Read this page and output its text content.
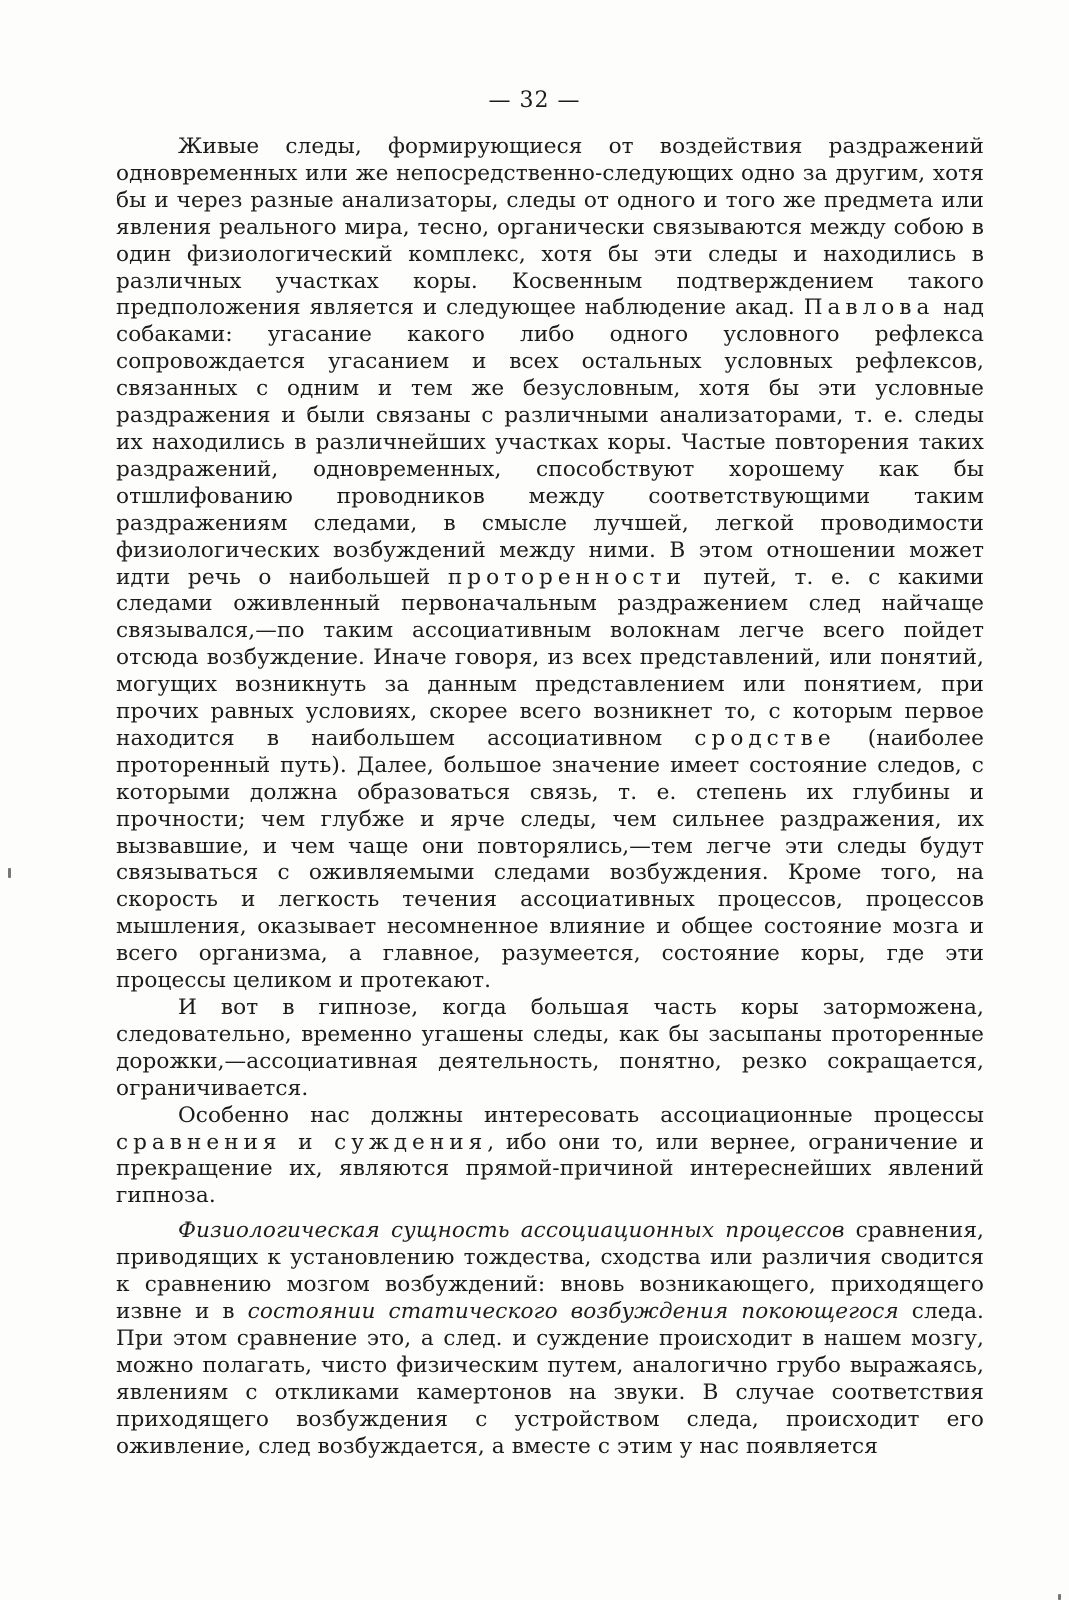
— 32 —

Живые следы, формирующиеся от воздействия раздражений одновременных или же непосредственно-следующих одно за другим, хотя бы и через разные анализаторы, следы от одного и того же предмета или явления реального мира, тесно, органически связываются между собою в один физиологический комплекс, хотя бы эти следы и находились в различных участках коры. Косвенным подтверждением такого предположения является и следующее наблюдение акад. Павлова над собаками: угасание какого либо одного условного рефлекса сопровождается угасанием и всех остальных условных рефлексов, связанных с одним и тем же безусловным, хотя бы эти условные раздражения и были связаны с различными анализаторами, т. е. следы их находились в различнейших участках коры. Частые повторения таких раздражений, одновременных, способствуют хорошему как бы отшлифованию проводников между соответствующими таким раздражениям следами, в смысле лучшей, легкой проводимости физиологических возбуждений между ними. В этом отношении может идти речь о наибольшей протоpенности путей, т. е. с какими следами оживленный первоначальным раздражением след найчаще связывался,—по таким ассоциативным волокнам легче всего пойдет отсюда возбуждение. Иначе говоря, из всех представлений, или понятий, могущих возникнуть за данным представлением или понятием, при прочих равных условиях, скорее всего возникнет то, с которым первое находится в наибольшем ассоциативном сродстве (наиболее проторенный путь). Далее, большое значение имеет состояние следов, с которыми должна образоваться связь, т. е. степень их глубины и прочности; чем глубже и ярче следы, чем сильнее раздражения, их вызвавшие, и чем чаще они повторялись,—тем легче эти следы будут связываться с оживляемыми следами возбуждения. Кроме того, на скорость и легкость течения ассоциативных процессов, процессов мышления, оказывает несомненное влияние и общее состояние мозга и всего организма, а главное, разумеется, состояние коры, где эти процессы целиком и протекают.

И вот в гипнозе, когда большая часть коры заторможена, следовательно, временно угашены следы, как бы засыпаны проторенные дорожки,—ассоциативная деятельность, понятно, резко сокращается, ограничивается.

Особенно нас должны интересовать ассоциационные процессы сравнения и суждения, ибо они то, или вернее, ограничение и прекращение их, являются прямой-причиной интереснейших явлений гипноза.

Физиологическая сущность ассоциационных процессов сравнения, приводящих к установлению тождества, сходства или различия сводится к сравнению мозгом возбуждений: вновь возникающего, приходящего извне и в состоянии статического возбуждения покоющегося следа. При этом сравнение это, а след. и суждение происходит в нашем мозгу, можно полагать, чисто физическим путем, аналогично грубо выражаясь, явлениям с откликами камертонов на звуки. В случае соответствия приходящего возбуждения с устройством следа, происходит его оживление, след возбуждается, а вместе с этим у нас появляется
